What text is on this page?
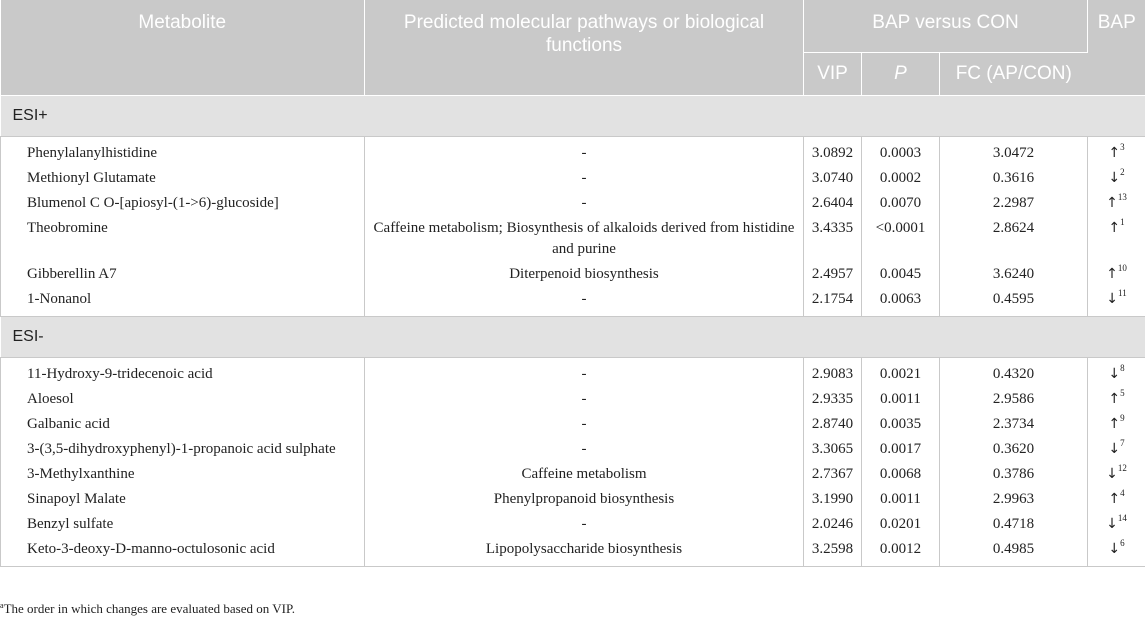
Metabolite	Predicted molecular pathways or biological functions	BAP versus CON			BAP
		VIP	P	FC (AP/CON)	
ESI+					
Phenylalanylhistidine	-	3.0892	0.0003	3.0472	↑$^3$
Methionyl Glutamate	-	3.0740	0.0002	0.3616	↓$^2$
Blumenol C O-[apiosyl-(1->6)-glucoside]	-	2.6404	0.0070	2.2987	↑$^{13}$
Theobromine	Caffeine metabolism; Biosynthesis of alkaloids derived from histidine and purine	3.4335	<0.0001	2.8624	↑$^1$
Gibberellin A7	Diterpenoid biosynthesis	2.4957	0.0045	3.6240	↑$^{10}$
1-Nonanol	-	2.1754	0.0063	0.4595	↓$^{11}$
ESI-					
11-Hydroxy-9-tridecenoic acid	-	2.9083	0.0021	0.4320	↓$^8$
Aloesol	-	2.9335	0.0011	2.9586	↑$^5$
Galbanic acid	-	2.8740	0.0035	2.3734	↑$^9$
3-(3,5-dihydroxyphenyl)-1-propanoic acid sulphate	-	3.3065	0.0017	0.3620	↓$^7$
3-Methylxanthine	Caffeine metabolism	2.7367	0.0068	0.3786	↓$^{12}$
Sinapoyl Malate	Phenylpropanoid biosynthesis	3.1990	0.0011	2.9963	↑$^4$
Benzyl sulfate	-	2.0246	0.0201	0.4718	↓$^{14}$
Keto-3-deoxy-D-manno-octulosonic acid	Lipopolysaccharide biosynthesis	3.2598	0.0012	0.4985	↓$^6$
$^a$The order in which changes are evaluated based on VIP.
